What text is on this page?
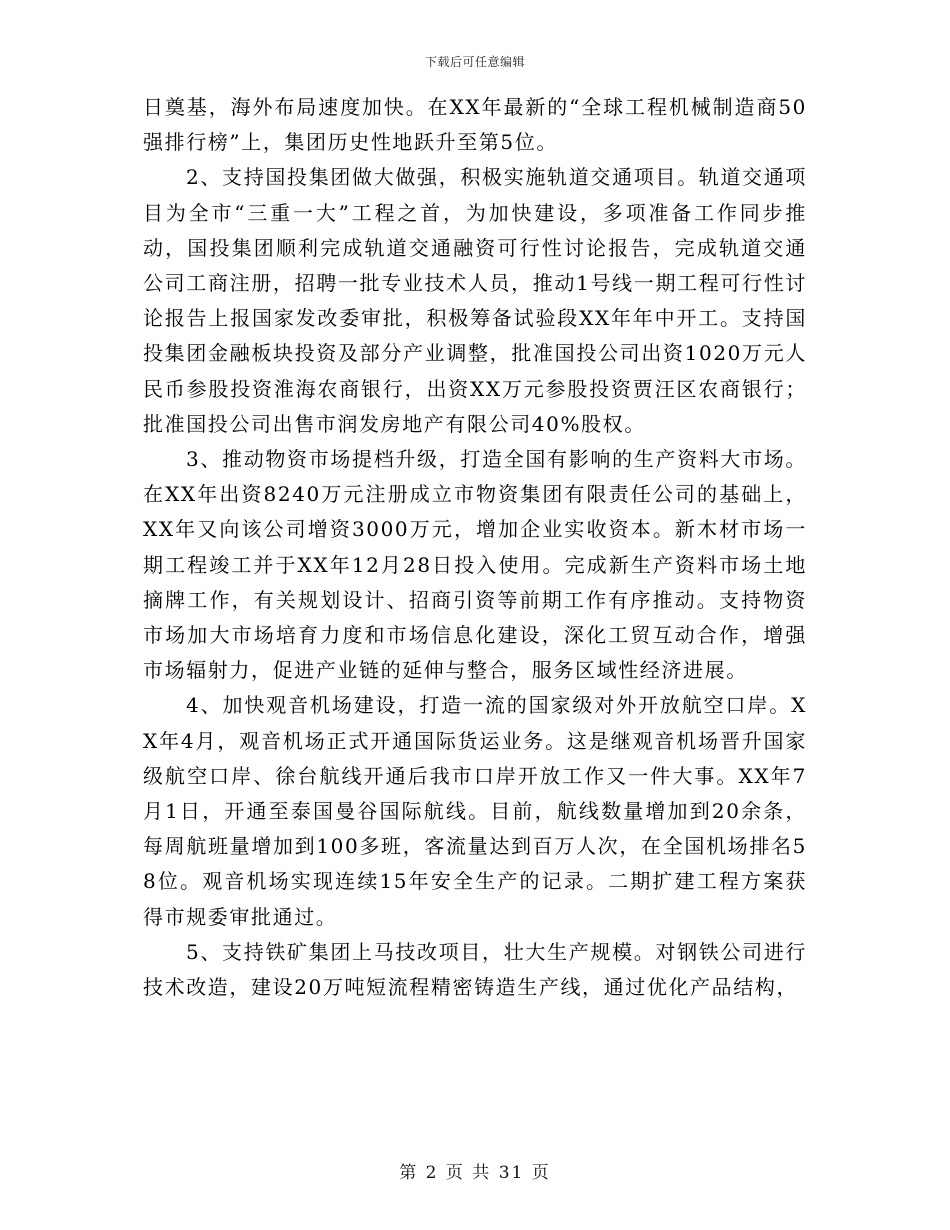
下载后可任意编辑

日奠基，海外布局速度加快。在XX年最新的“全球工程机械制造商50强排行榜”上，集团历史性地跃升至第5位。

2、支持国投集团做大做强，积极实施轨道交通项目。轨道交通项目为全市“三重一大”工程之首，为加快建设，多项准备工作同步推动，国投集团顺利完成轨道交通融资可行性讨论报告，完成轨道交通公司工商注册，招聘一批专业技术人员，推动1号线一期工程可行性讨论报告上报国家发改委审批，积极筹备试验段XX年年中开工。支持国投集团金融板块投资及部分产业调整，批准国投公司出资1020万元人民币参股投资淮海农商银行，出资XX万元参股投资贾汪区农商银行；批准国投公司出售市润发房地产有限公司40%股权。

3、推动物资市场提档升级，打造全国有影响的生产资料大市场。在XX年出资8240万元注册成立市物资集团有限责任公司的基础上，XX年又向该公司增资3000万元，增加企业实收资本。新木材市场一期工程竣工并于XX年12月28日投入使用。完成新生产资料市场土地摘牌工作，有关规划设计、招商引资等前期工作有序推动。支持物资市场加大市场培育力度和市场信息化建设，深化工贸互动合作，增强市场辐射力，促进产业链的延伸与整合，服务区域性经济进展。

4、加快观音机场建设，打造一流的国家级对外开放航空口岸。XX年4月，观音机场正式开通国际货运业务。这是继观音机场晋升国家级航空口岸、徐台航线开通后我市口岸开放工作又一件大事。XX年7月1日，开通至泰国曼谷国际航线。目前，航线数量增加到20余条，每周航班量增加到100多班，客流量达到百万人次，在全国机场排名58位。观音机场实现连续15年安全生产的记录。二期扩建工程方案获得市规委审批通过。

5、支持铁矿集团上马技改项目，壮大生产规模。对钢铁公司进行技术改造，建设20万吨短流程精密铸造生产线，通过优化产品结构，

第 2 页 共 31 页
